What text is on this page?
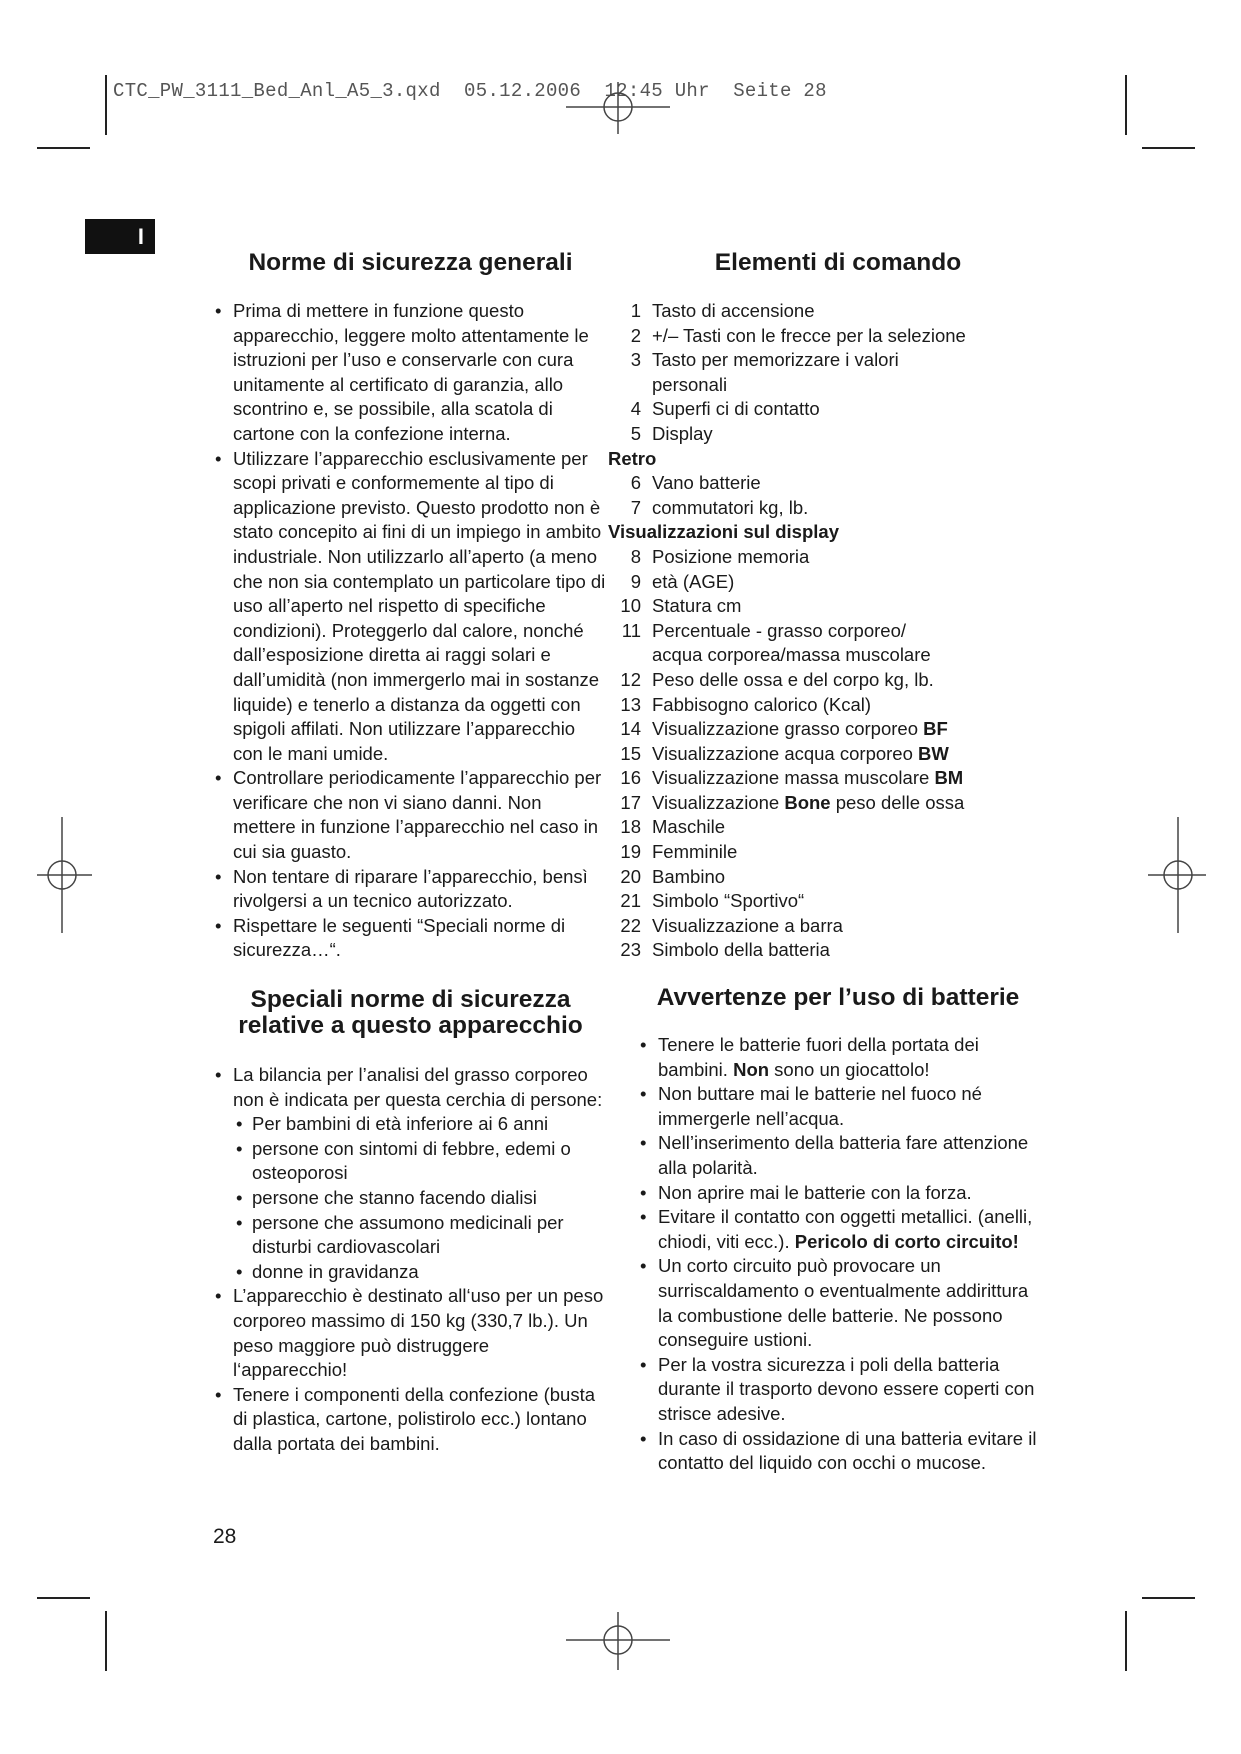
CTC_PW_3111_Bed_Anl_A5_3.qxd  05.12.2006  12:45 Uhr  Seite 28
I
Norme di sicurezza generali
• Prima di mettere in funzione questo apparecchio, leggere molto attentamente le istruzioni per l’uso e conservarle con cura unitamente al certificato di garanzia, allo scontrino e, se possibile, alla scatola di cartone con la confezione interna.
• Utilizzare l’apparecchio esclusivamente per scopi privati e conformemente al tipo di applicazione previsto. Questo prodotto non è stato concepito ai fini di un impiego in ambito industriale. Non utilizzarlo all’aperto (a meno che non sia contemplato un particolare tipo di uso all’aperto nel rispetto di specifiche condizioni). Proteggerlo dal calore, nonché dall’esposizione diretta ai raggi solari e dall’umidità (non immergerlo mai in sostanze liquide) e tenerlo a distanza da oggetti con spigoli affilati. Non utilizzare l’apparecchio con le mani umide.
• Controllare periodicamente l’apparecchio per verificare che non vi siano danni. Non mettere in funzione l’apparecchio nel caso in cui sia guasto.
• Non tentare di riparare l’apparecchio, bensì rivolgersi a un tecnico autorizzato.
• Rispettare le seguenti “Speciali norme di sicurezza…“.
Speciali norme di sicurezza
relative a questo apparecchio
• La bilancia per l’analisi del grasso corporeo non è indicata per questa cerchia di persone:
• Per bambini di età inferiore ai 6 anni
• persone con sintomi di febbre, edemi o osteoporosi
• persone che stanno facendo dialisi
• persone che assumono medicinali per disturbi cardiovascolari
• donne in gravidanza
• L’apparecchio è destinato all‘uso per un peso corporeo massimo di 150 kg (330,7 lb.). Un peso maggiore può distruggere l‘apparecchio!
• Tenere i componenti della confezione (busta di plastica, cartone, polistirolo ecc.) lontano dalla portata dei bambini.
Elementi di comando
1 Tasto di accensione
2 +/– Tasti con le frecce per la selezione
3 Tasto per memorizzare i valori
personali
4 Superfi ci di contatto
5 Display
Retro
6 Vano batterie
7 commutatori kg, lb.
Visualizzazioni sul display
8 Posizione memoria
9 età (AGE)
10 Statura cm
11 Percentuale - grasso corporeo/
acqua corporea/massa muscolare
12 Peso delle ossa e del corpo kg, lb.
13 Fabbisogno calorico (Kcal)
14 Visualizzazione grasso corporeo BF
15 Visualizzazione acqua corporeo BW
16 Visualizzazione massa muscolare BM
17 Visualizzazione Bone peso delle ossa
18 Maschile
19 Femminile
20 Bambino
21 Simbolo “Sportivo“
22 Visualizzazione a barra
23 Simbolo della batteria
Avvertenze per l’uso di batterie
• Tenere le batterie fuori della portata dei bambini. Non sono un giocattolo!
• Non buttare mai le batterie nel fuoco né immergerle nell’acqua.
• Nell’inserimento della batteria fare attenzione alla polarità.
• Non aprire mai le batterie con la forza.
• Evitare il contatto con oggetti metallici. (anelli, chiodi, viti ecc.). Pericolo di corto circuito!
• Un corto circuito può provocare un surriscaldamento o eventualmente addirittura la combustione delle batterie. Ne possono conseguire ustioni.
• Per la vostra sicurezza i poli della batteria durante il trasporto devono essere coperti con strisce adesive.
• In caso di ossidazione di una batteria evitare il contatto del liquido con occhi o mucose.
28
